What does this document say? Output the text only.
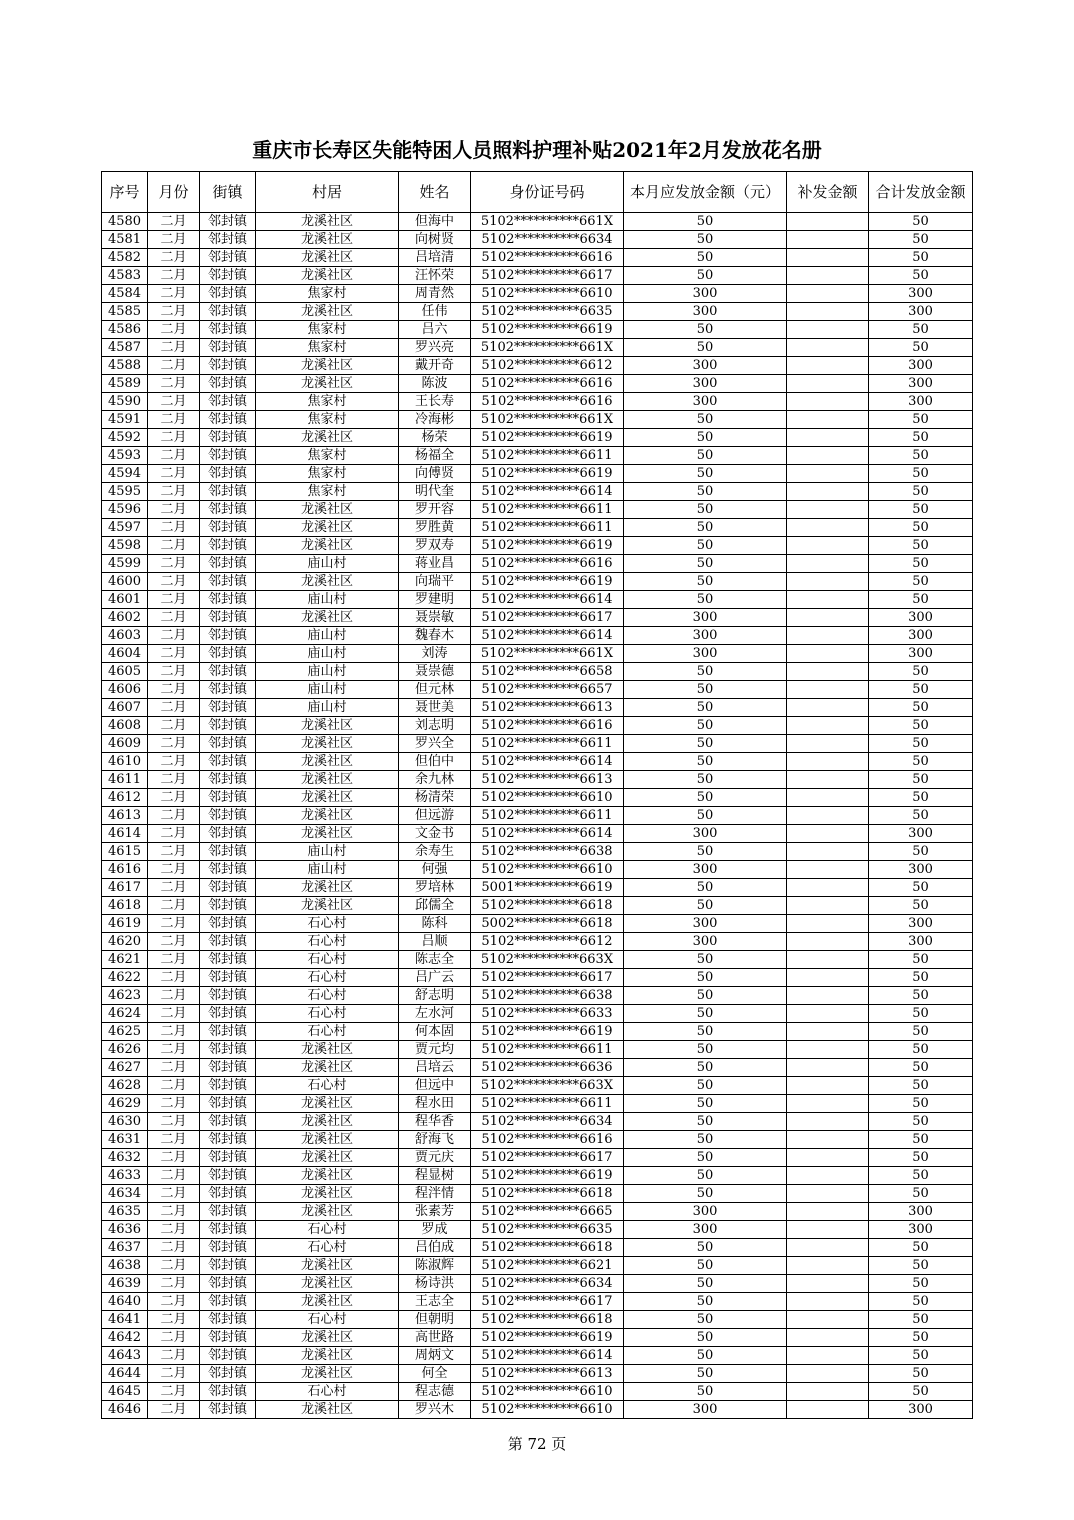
重庆市长寿区失能特困人员照料护理补贴2021年2月发放花名册
序号	月份	街镇	村居	姓名	身份证号码	本月应发放金额（元）	补发金额	合计发放金额
4580	二月	邻封镇	龙溪社区	但海中	5102**********661X	50		50
4581	二月	邻封镇	龙溪社区	向树贤	5102**********6634	50		50
4582	二月	邻封镇	龙溪社区	吕培清	5102**********6616	50		50
4583	二月	邻封镇	龙溪社区	汪怀荣	5102**********6617	50		50
4584	二月	邻封镇	焦家村	周青然	5102**********6610	300		300
4585	二月	邻封镇	龙溪社区	任伟	5102**********6635	300		300
4586	二月	邻封镇	焦家村	吕六	5102**********6619	50		50
4587	二月	邻封镇	焦家村	罗兴亮	5102**********661X	50		50
4588	二月	邻封镇	龙溪社区	戴开奇	5102**********6612	300		300
4589	二月	邻封镇	龙溪社区	陈波	5102**********6616	300		300
4590	二月	邻封镇	焦家村	王长寿	5102**********6616	300		300
4591	二月	邻封镇	焦家村	冷海彬	5102**********661X	50		50
4592	二月	邻封镇	龙溪社区	杨荣	5102**********6619	50		50
4593	二月	邻封镇	焦家村	杨福全	5102**********6611	50		50
4594	二月	邻封镇	焦家村	向傅贤	5102**********6619	50		50
4595	二月	邻封镇	焦家村	明代奎	5102**********6614	50		50
4596	二月	邻封镇	龙溪社区	罗开容	5102**********6611	50		50
4597	二月	邻封镇	龙溪社区	罗胜黄	5102**********6611	50		50
4598	二月	邻封镇	龙溪社区	罗双寿	5102**********6619	50		50
4599	二月	邻封镇	庙山村	蒋业昌	5102**********6616	50		50
4600	二月	邻封镇	龙溪社区	向瑞平	5102**********6619	50		50
4601	二月	邻封镇	庙山村	罗建明	5102**********6614	50		50
4602	二月	邻封镇	龙溪社区	聂崇敏	5102**********6617	300		300
4603	二月	邻封镇	庙山村	魏春木	5102**********6614	300		300
4604	二月	邻封镇	庙山村	刘涛	5102**********661X	300		300
4605	二月	邻封镇	庙山村	聂崇德	5102**********6658	50		50
4606	二月	邻封镇	庙山村	但元林	5102**********6657	50		50
4607	二月	邻封镇	庙山村	聂世美	5102**********6613	50		50
4608	二月	邻封镇	龙溪社区	刘志明	5102**********6616	50		50
4609	二月	邻封镇	龙溪社区	罗兴全	5102**********6611	50		50
4610	二月	邻封镇	龙溪社区	但伯中	5102**********6614	50		50
4611	二月	邻封镇	龙溪社区	余九林	5102**********6613	50		50
4612	二月	邻封镇	龙溪社区	杨清荣	5102**********6610	50		50
4613	二月	邻封镇	龙溪社区	但远游	5102**********6611	50		50
4614	二月	邻封镇	龙溪社区	文金书	5102**********6614	300		300
4615	二月	邻封镇	庙山村	余寿生	5102**********6638	50		50
4616	二月	邻封镇	庙山村	何强	5102**********6610	300		300
4617	二月	邻封镇	龙溪社区	罗培林	5001**********6619	50		50
4618	二月	邻封镇	龙溪社区	邱儒全	5102**********6618	50		50
4619	二月	邻封镇	石心村	陈科	5002**********6618	300		300
4620	二月	邻封镇	石心村	吕顺	5102**********6612	300		300
4621	二月	邻封镇	石心村	陈志全	5102**********663X	50		50
4622	二月	邻封镇	石心村	吕广云	5102**********6617	50		50
4623	二月	邻封镇	石心村	舒志明	5102**********6638	50		50
4624	二月	邻封镇	石心村	左水河	5102**********6633	50		50
4625	二月	邻封镇	石心村	何本固	5102**********6619	50		50
4626	二月	邻封镇	龙溪社区	贾元均	5102**********6611	50		50
4627	二月	邻封镇	龙溪社区	吕培云	5102**********6636	50		50
4628	二月	邻封镇	石心村	但远中	5102**********663X	50		50
4629	二月	邻封镇	龙溪社区	程水田	5102**********6611	50		50
4630	二月	邻封镇	龙溪社区	程华香	5102**********6634	50		50
4631	二月	邻封镇	龙溪社区	舒海飞	5102**********6616	50		50
4632	二月	邻封镇	龙溪社区	贾元庆	5102**********6617	50		50
4633	二月	邻封镇	龙溪社区	程显树	5102**********6619	50		50
4634	二月	邻封镇	龙溪社区	程泮情	5102**********6618	50		50
4635	二月	邻封镇	龙溪社区	张素芳	5102**********6665	300		300
4636	二月	邻封镇	石心村	罗成	5102**********6635	300		300
4637	二月	邻封镇	石心村	吕伯成	5102**********6618	50		50
4638	二月	邻封镇	龙溪社区	陈淑辉	5102**********6621	50		50
4639	二月	邻封镇	龙溪社区	杨诗洪	5102**********6634	50		50
4640	二月	邻封镇	龙溪社区	王志全	5102**********6617	50		50
4641	二月	邻封镇	石心村	但朝明	5102**********6618	50		50
4642	二月	邻封镇	龙溪社区	高世路	5102**********6619	50		50
4643	二月	邻封镇	龙溪社区	周炳文	5102**********6614	50		50
4644	二月	邻封镇	龙溪社区	何全	5102**********6613	50		50
4645	二月	邻封镇	石心村	程志德	5102**********6610	50		50
4646	二月	邻封镇	龙溪社区	罗兴木	5102**********6610	300		300
第 72 页
